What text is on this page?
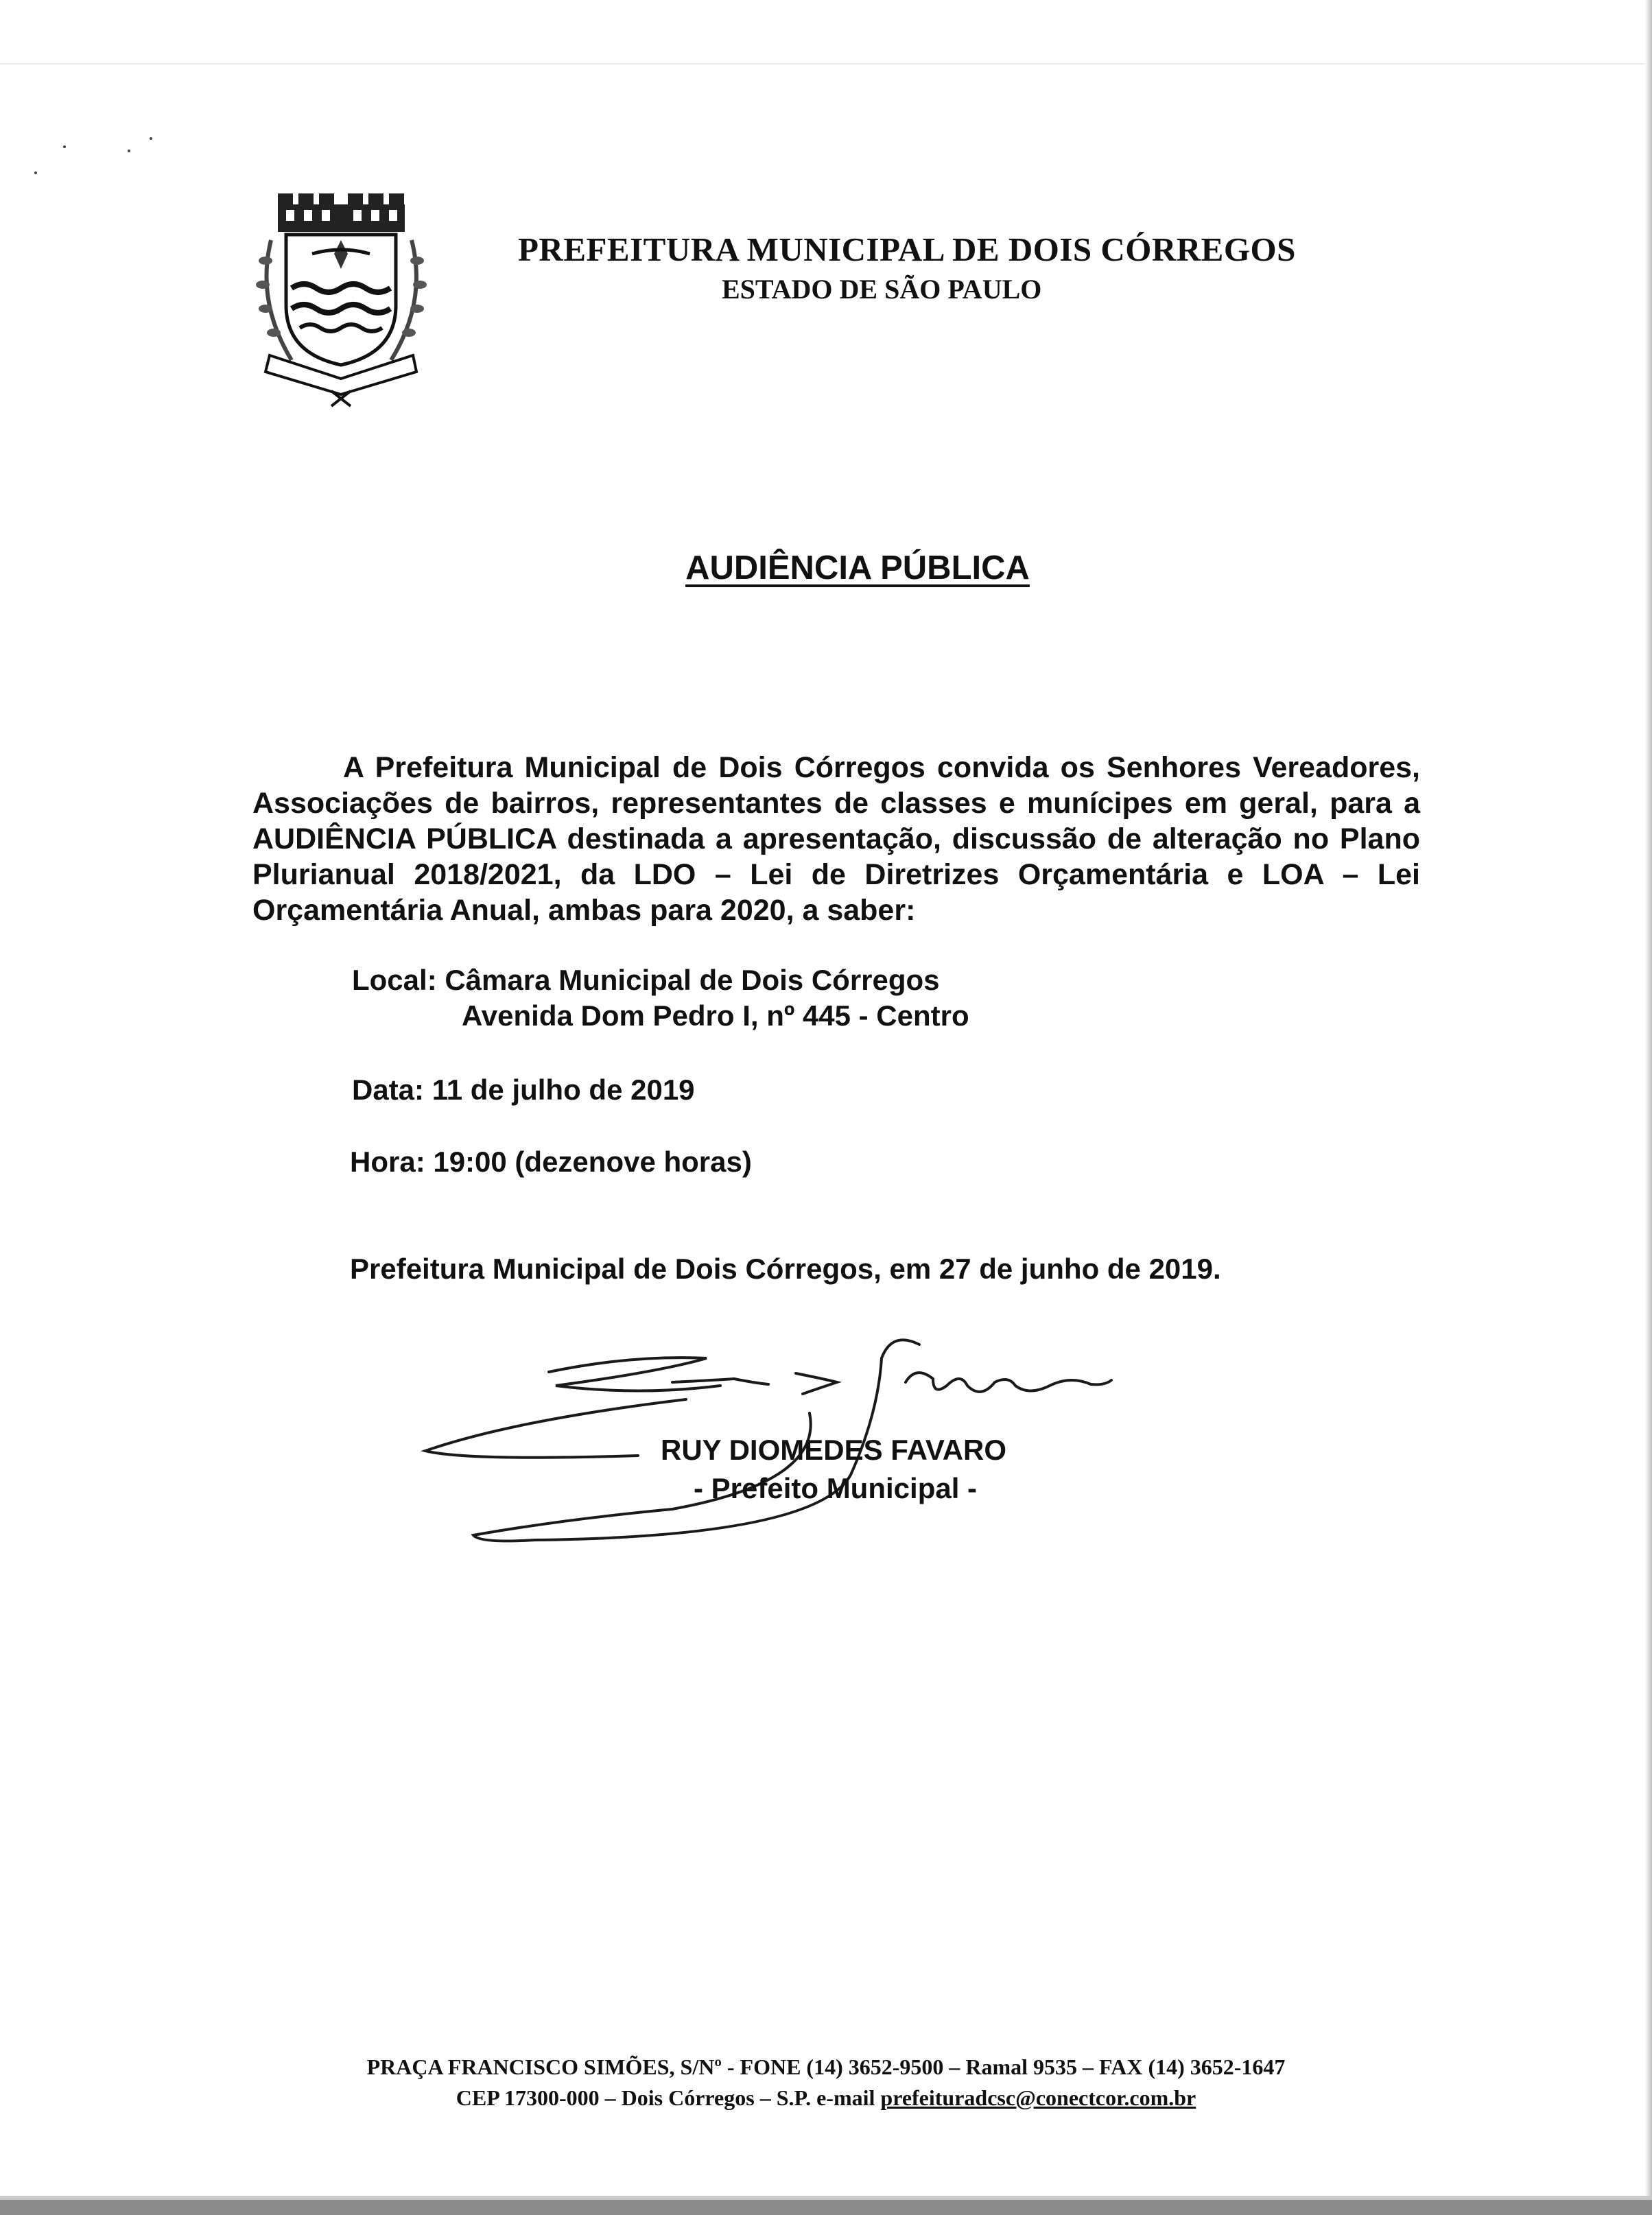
PREFEITURA MUNICIPAL DE DOIS CÓRREGOS
ESTADO DE SÃO PAULO
AUDIÊNCIA PÚBLICA

A Prefeitura Municipal de Dois Córregos convida os Senhores Vereadores, Associações de bairros, representantes de classes e munícipes em geral, para a AUDIÊNCIA PÚBLICA destinada a apresentação, discussão de alteração no Plano Plurianual 2018/2021, da LDO – Lei de Diretrizes Orçamentária e LOA – Lei Orçamentária Anual, ambas para 2020, a saber:

Local: Câmara Municipal de Dois Córregos
Avenida Dom Pedro I, nº 445 - Centro
Data: 11 de julho de 2019
Hora: 19:00 (dezenove horas)
Prefeitura Municipal de Dois Córregos, em 27 de junho de 2019.
RUY DIOMEDES FAVARO
- Prefeito Municipal -
PRAÇA FRANCISCO SIMÕES, S/Nº - FONE (14) 3652-9500 – Ramal 9535 – FAX (14) 3652-1647
CEP 17300-000 – Dois Córregos – S.P. e-mail prefeituradcsc@conectcor.com.br
